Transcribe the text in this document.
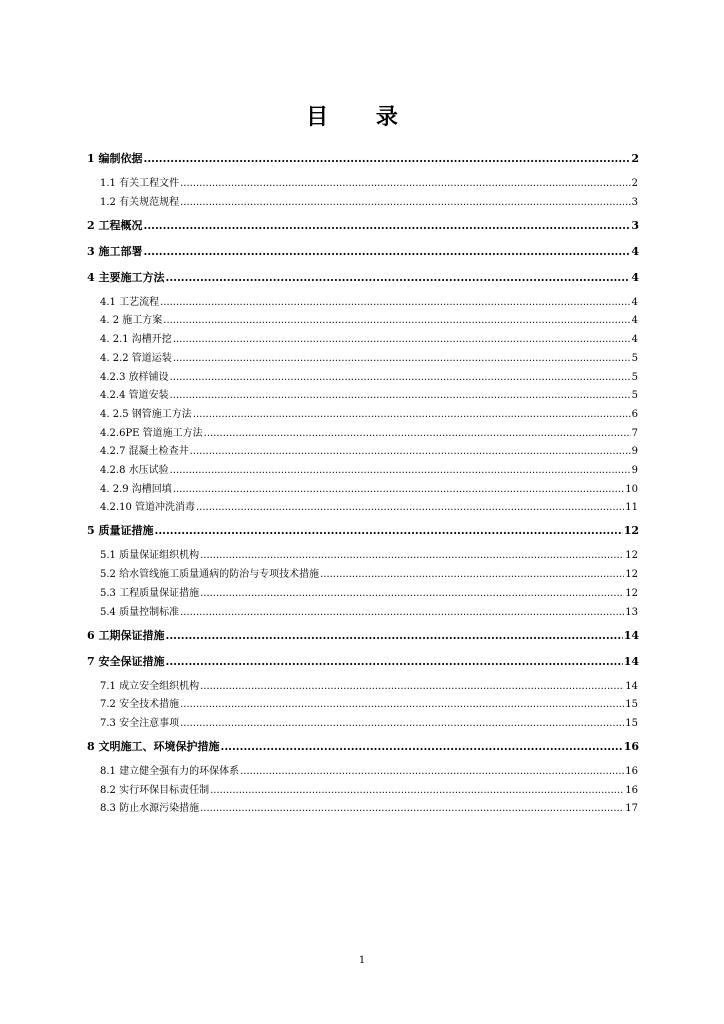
目 录
1 编制依据 .....	2
1.1 有关工程文件 .....	2
1.2 有关规范规程 .....	3
2 工程概况 .....	3
3 施工部署 .....	4
4 主要施工方法 .....	4
4.1 工艺流程 .....	4
4. 2 施工方案 .....	4
4. 2.1 沟槽开挖 .....	4
4. 2.2 管道运装 .....	5
4.2.3 放样铺设 .....	5
4.2.4 管道安装 .....	5
4. 2.5 钢管施工方法 .....	6
4.2.6PE 管道施工方法 .....	7
4.2.7 混凝土检查井 .....	9
4.2.8 水压试验 .....	9
4. 2.9 沟槽回填 .....	10
4.2.10 管道冲洗消毒 .....	11
5 质量证措施 .....	12
5.1 质量保证组织机构 .....	12
5.2 给水管线施工质量通病的防治与专项技术措施 .....	12
5.3 工程质量保证措施 .....	12
5.4 质量控制标准 .....	13
6 工期保证措施 .....	14
7 安全保证措施 .....	14
7.1 成立安全组织机构 .....	14
7.2 安全技术措施 .....	15
7.3 安全注意事项 .....	15
8 文明施工、环境保护措施 .....	16
8.1 建立健全强有力的环保体系 .....	16
8.2 实行环保目标责任制 .....	16
8.3 防止水源污染措施 .....	17
1
